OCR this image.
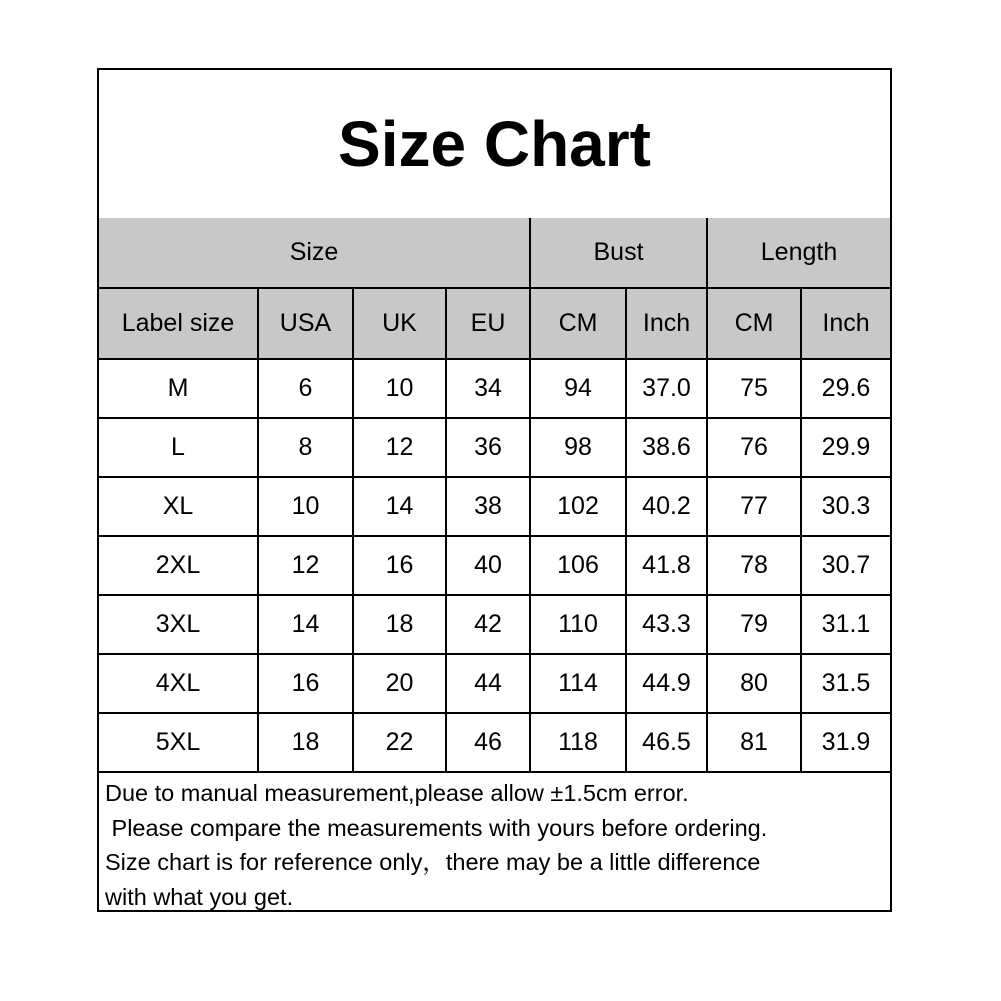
Size Chart
Size				Bust		Length	
Label size	USA	UK	EU	CM	Inch	CM	Inch
M	6	10	34	94	37.0	75	29.6
L	8	12	36	98	38.6	76	29.9
XL	10	14	38	102	40.2	77	30.3
2XL	12	16	40	106	41.8	78	30.7
3XL	14	18	42	110	43.3	79	31.1
4XL	16	20	44	114	44.9	80	31.5
5XL	18	22	46	118	46.5	81	31.9
Due to manual measurement,please allow ±1.5cm error.
Please compare the measurements with yours before ordering.
Size chart is for reference only，there may be a little difference
with what you get.
